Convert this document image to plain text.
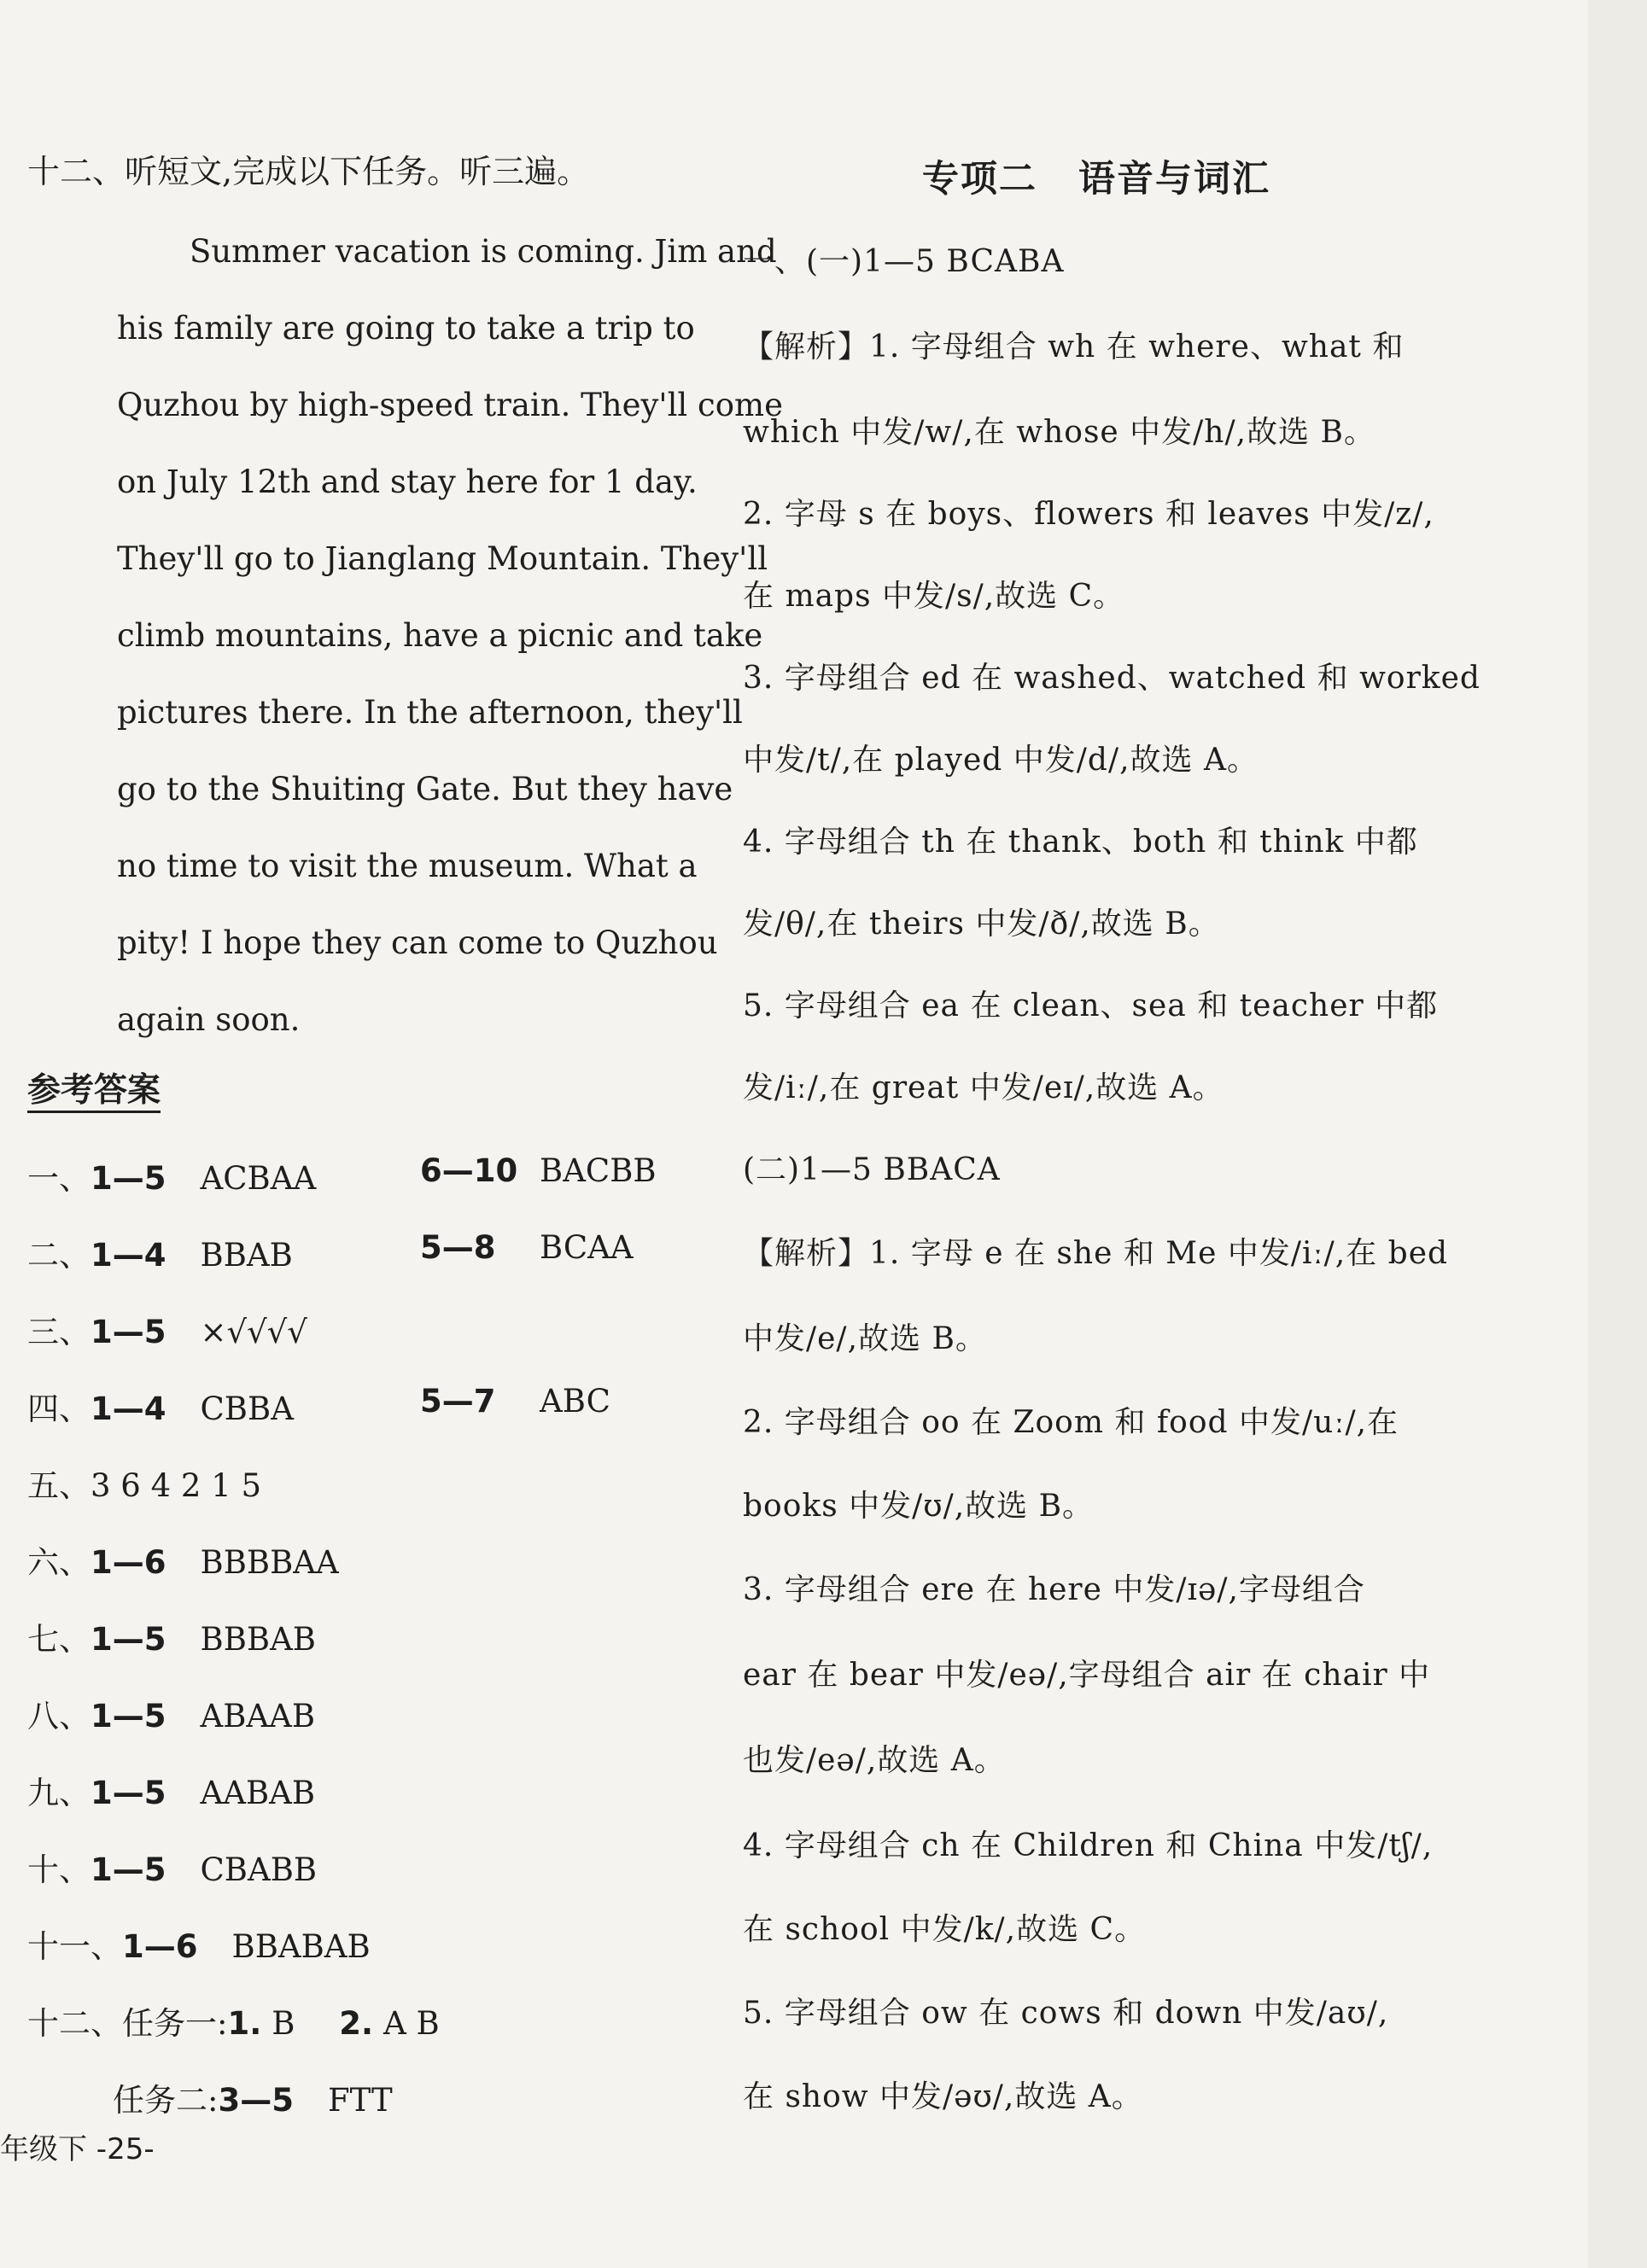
十二、听短文,完成以下任务。听三遍。
Summer vacation is coming. Jim and
his family are going to take a trip to
Quzhou by high-speed train. They'll come
on July 12th and stay here for 1 day.
They'll go to Jianglang Mountain. They'll
climb mountains, have a picnic and take
pictures there. In the afternoon, they'll
go to the Shuiting Gate. But they have
no time to visit the museum. What a
pity! I hope they can come to Quzhou
again soon.
参考答案
一、1—5 ACBAA	6—10 BACBB
二、1—4 BBAB	5—8 BCAA
三、1—5 ×√√√√
四、1—4 CBBA	5—7 ABC
五、3 6 4 2 1 5
六、1—6 BBBBAA
七、1—5 BBBAB
八、1—5 ABAAB
九、1—5 AABAB
十、1—5 CBABB
十一、1—6 BBABAB
十二、任务一:1. B 2. A B
任务二:3—5 FTT
年级下 -25-
专项二 语音与词汇
一、(一)1—5 BCABA
【解析】1. 字母组合 wh 在 where、what 和
which 中发/w/,在 whose 中发/h/,故选 B。
2. 字母 s 在 boys、flowers 和 leaves 中发/z/,
在 maps 中发/s/,故选 C。
3. 字母组合 ed 在 washed、watched 和 worked
中发/t/,在 played 中发/d/,故选 A。
4. 字母组合 th 在 thank、both 和 think 中都
发/θ/,在 theirs 中发/ð/,故选 B。
5. 字母组合 ea 在 clean、sea 和 teacher 中都
发/iː/,在 great 中发/eɪ/,故选 A。
(二)1—5 BBACA
【解析】1. 字母 e 在 she 和 Me 中发/iː/,在 bed
中发/e/,故选 B。
2. 字母组合 oo 在 Zoom 和 food 中发/uː/,在
books 中发/ʊ/,故选 B。
3. 字母组合 ere 在 here 中发/ɪə/,字母组合
ear 在 bear 中发/eə/,字母组合 air 在 chair 中
也发/eə/,故选 A。
4. 字母组合 ch 在 Children 和 China 中发/tʃ/,
在 school 中发/k/,故选 C。
5. 字母组合 ow 在 cows 和 down 中发/aʊ/,
在 show 中发/əʊ/,故选 A。
